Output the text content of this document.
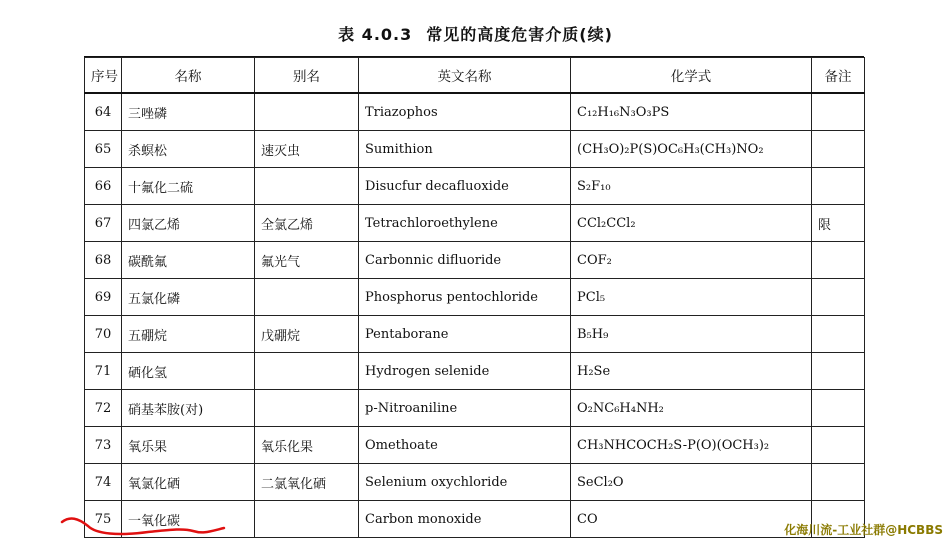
表 4.0.3 常见的高度危害介质(续)
序号	名称	别名	英文名称	化学式	备注
64	三唑磷		Triazophos	C₁₂H₁₆N₃O₃PS	
65	杀螟松	速灭虫	Sumithion	(CH₃O)₂P(S)OC₆H₃(CH₃)NO₂	
66	十氟化二硫		Disucfur decafluoxide	S₂F₁₀	
67	四氯乙烯	全氯乙烯	Tetrachloroethylene	CCl₂CCl₂	限
68	碳酰氟	氟光气	Carbonnic difluoride	COF₂	
69	五氯化磷		Phosphorus pentochloride	PCl₅	
70	五硼烷	戊硼烷	Pentaborane	B₅H₉	
71	硒化氢		Hydrogen selenide	H₂Se	
72	硝基苯胺(对)		p-Nitroaniline	O₂NC₆H₄NH₂	
73	氧乐果	氧乐化果	Omethoate	CH₃NHCOCH₂S-P(O)(OCH₃)₂	
74	氧氯化硒	二氯氧化硒	Selenium oxychloride	SeCl₂O	
75	一氧化碳		Carbon monoxide	CO	
化海川流-工业社群@HCBBS
